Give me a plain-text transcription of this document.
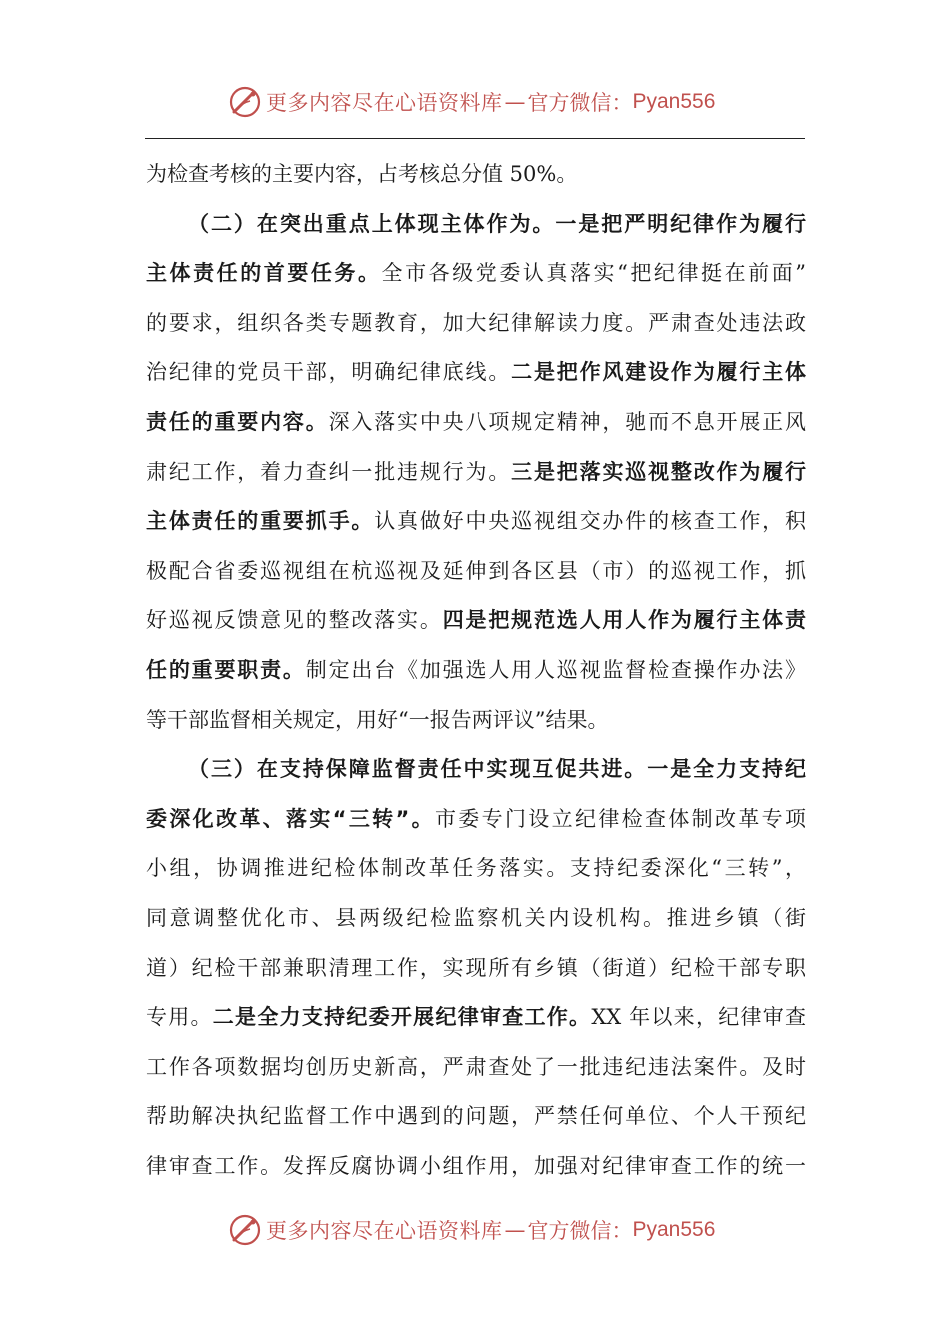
更多内容尽在心语资料库 — 官方微信： Pyan556
为检查考核的主要内容，占考核总分值 50%。
（二）在突出重点上体现主体作为。一是把严明纪律作为履行
主体责任的首要任务。全市各级党委认真落实“把纪律挺在前面”
的要求，组织各类专题教育，加大纪律解读力度。严肃查处违法政
治纪律的党员干部，明确纪律底线。二是把作风建设作为履行主体
责任的重要内容。深入落实中央八项规定精神，驰而不息开展正风
肃纪工作，着力查纠一批违规行为。三是把落实巡视整改作为履行
主体责任的重要抓手。认真做好中央巡视组交办件的核查工作，积
极配合省委巡视组在杭巡视及延伸到各区县（市）的巡视工作，抓
好巡视反馈意见的整改落实。四是把规范选人用人作为履行主体责
任的重要职责。制定出台《加强选人用人巡视监督检查操作办法》
等干部监督相关规定，用好“一报告两评议”结果。
（三）在支持保障监督责任中实现互促共进。一是全力支持纪
委深化改革、落实“三转”。市委专门设立纪律检查体制改革专项
小组，协调推进纪检体制改革任务落实。支持纪委深化“三转”，
同意调整优化市、县两级纪检监察机关内设机构。推进乡镇（街
道）纪检干部兼职清理工作，实现所有乡镇（街道）纪检干部专职
专用。二是全力支持纪委开展纪律审查工作。XX 年以来，纪律审查
工作各项数据均创历史新高，严肃查处了一批违纪违法案件。及时
帮助解决执纪监督工作中遇到的问题，严禁任何单位、个人干预纪
律审查工作。发挥反腐协调小组作用，加强对纪律审查工作的统一
更多内容尽在心语资料库 — 官方微信： Pyan556
